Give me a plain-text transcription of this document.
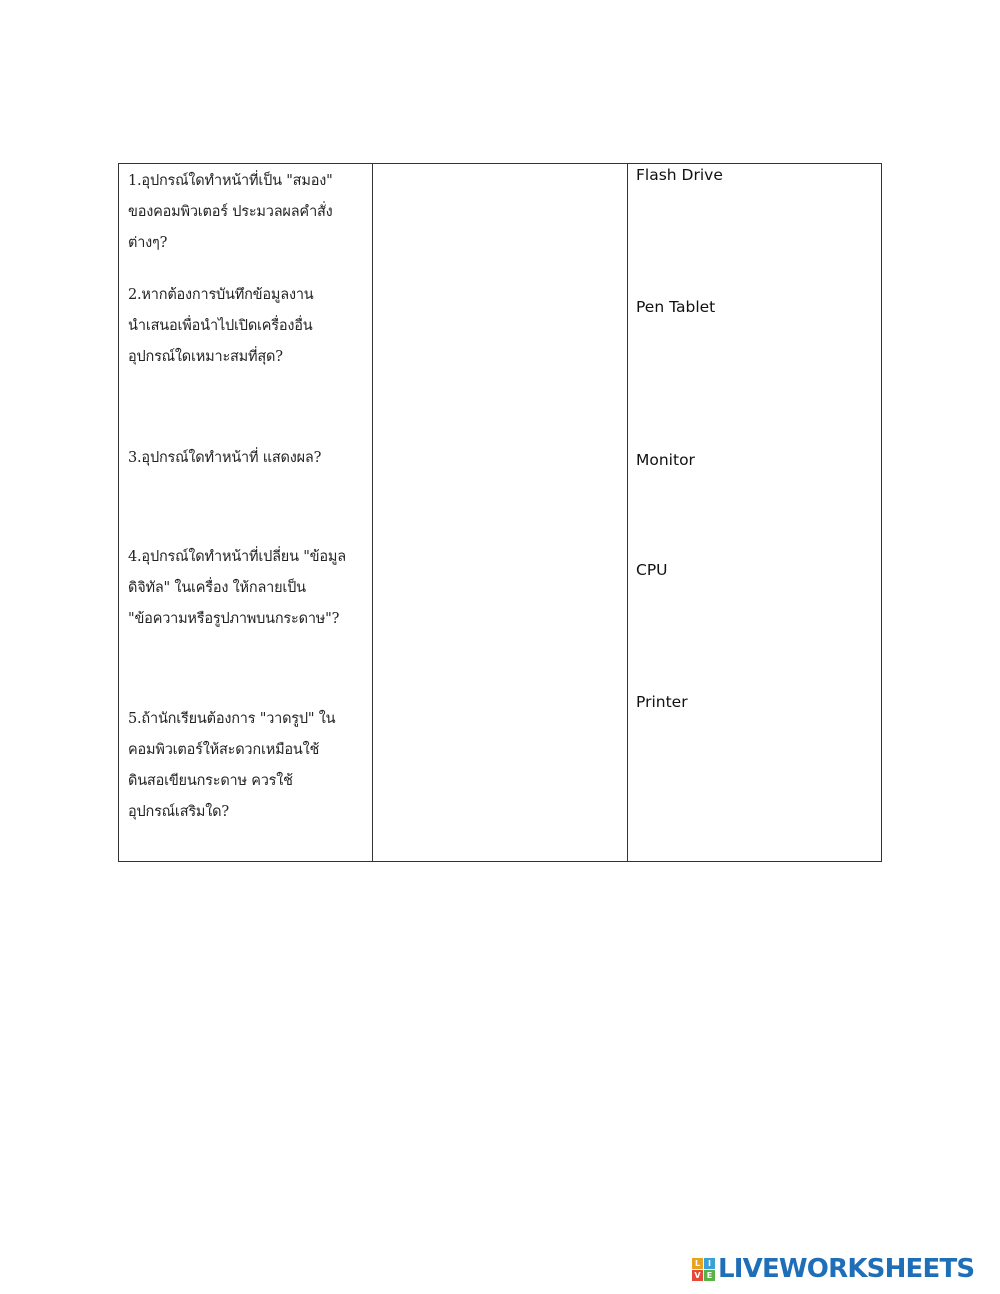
1.อุปกรณ์ใดทำหน้าที่เป็น "สมอง"
ของคอมพิวเตอร์ ประมวลผลคำสั่ง
ต่างๆ?
2.หากต้องการบันทึกข้อมูลงาน
นำเสนอเพื่อนำไปเปิดเครื่องอื่น
อุปกรณ์ใดเหมาะสมที่สุด?
3.อุปกรณ์ใดทำหน้าที่ แสดงผล?
4.อุปกรณ์ใดทำหน้าที่เปลี่ยน "ข้อมูล
ดิจิทัล" ในเครื่อง ให้กลายเป็น
"ข้อความหรือรูปภาพบนกระดาษ"?
5.ถ้านักเรียนต้องการ "วาดรูป" ใน
คอมพิวเตอร์ให้สะดวกเหมือนใช้
ดินสอเขียนกระดาษ ควรใช้
อุปกรณ์เสริมใด?
Flash Drive
Pen Tablet
Monitor
CPU
Printer
L I
V E LIVEWORKSHEETS
